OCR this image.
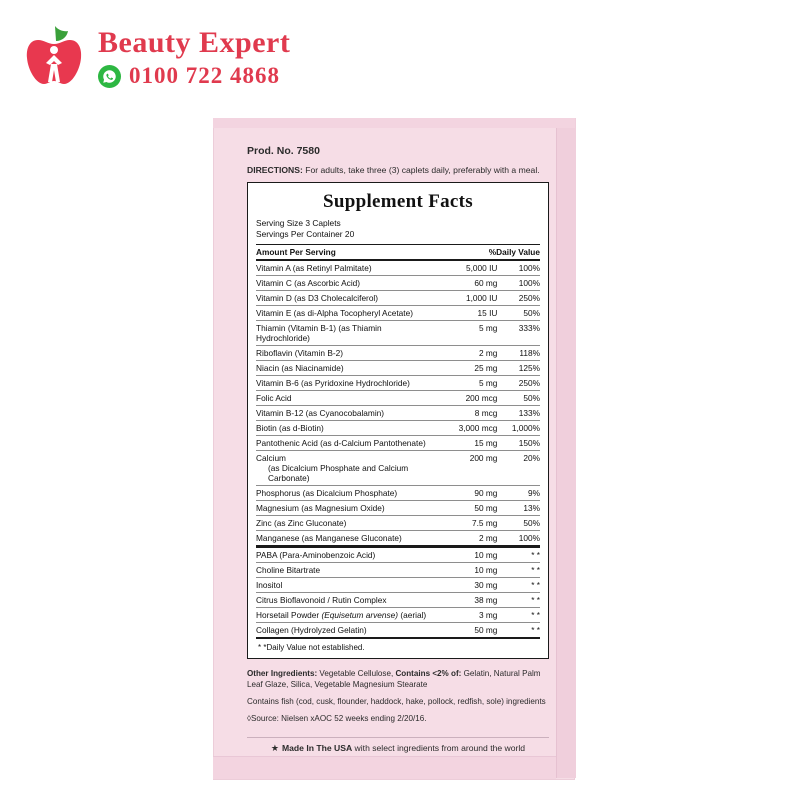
Beauty Expert
0100 722 4868
Prod. No. 7580
DIRECTIONS: For adults, take three (3) caplets daily, preferably with a meal.
Supplement Facts
Serving Size 3 Caplets
Servings Per Container 20
Amount Per Serving		%Daily Value
Vitamin A (as Retinyl Palmitate)	5,000 IU	100%
Vitamin C (as Ascorbic Acid)	60 mg	100%
Vitamin D (as D3 Cholecalciferol)	1,000 IU	250%
Vitamin E (as di-Alpha Tocopheryl Acetate)	15 IU	50%
Thiamin (Vitamin B-1) (as Thiamin Hydrochloride)	5 mg	333%
Riboflavin (Vitamin B-2)	2 mg	118%
Niacin (as Niacinamide)	25 mg	125%
Vitamin B-6 (as Pyridoxine Hydrochloride)	5 mg	250%
Folic Acid	200 mcg	50%
Vitamin B-12 (as Cyanocobalamin)	8 mcg	133%
Biotin (as d-Biotin)	3,000 mcg	1,000%
Pantothenic Acid (as d-Calcium Pantothenate)	15 mg	150%
Calcium
(as Dicalcium Phosphate and Calcium Carbonate)	200 mg	20%
Phosphorus (as Dicalcium Phosphate)	90 mg	9%
Magnesium (as Magnesium Oxide)	50 mg	13%
Zinc (as Zinc Gluconate)	7.5 mg	50%
Manganese (as Manganese Gluconate)	2 mg	100%
PABA (Para-Aminobenzoic Acid)	10 mg	* *
Choline Bitartrate	10 mg	* *
Inositol	30 mg	* *
Citrus Bioflavonoid / Rutin Complex	38 mg	* *
Horsetail Powder (Equisetum arvense) (aerial)	3 mg	* *
Collagen (Hydrolyzed Gelatin)	50 mg	* *
* *Daily Value not established.
Other Ingredients: Vegetable Cellulose, Contains <2% of: Gelatin, Natural Palm Leaf Glaze, Silica, Vegetable Magnesium Stearate
Contains fish (cod, cusk, flounder, haddock, hake, pollock, redfish, sole) ingredients
◊Source: Nielsen xAOC 52 weeks ending 2/20/16.
★ Made In The USA with select ingredients from around the world
